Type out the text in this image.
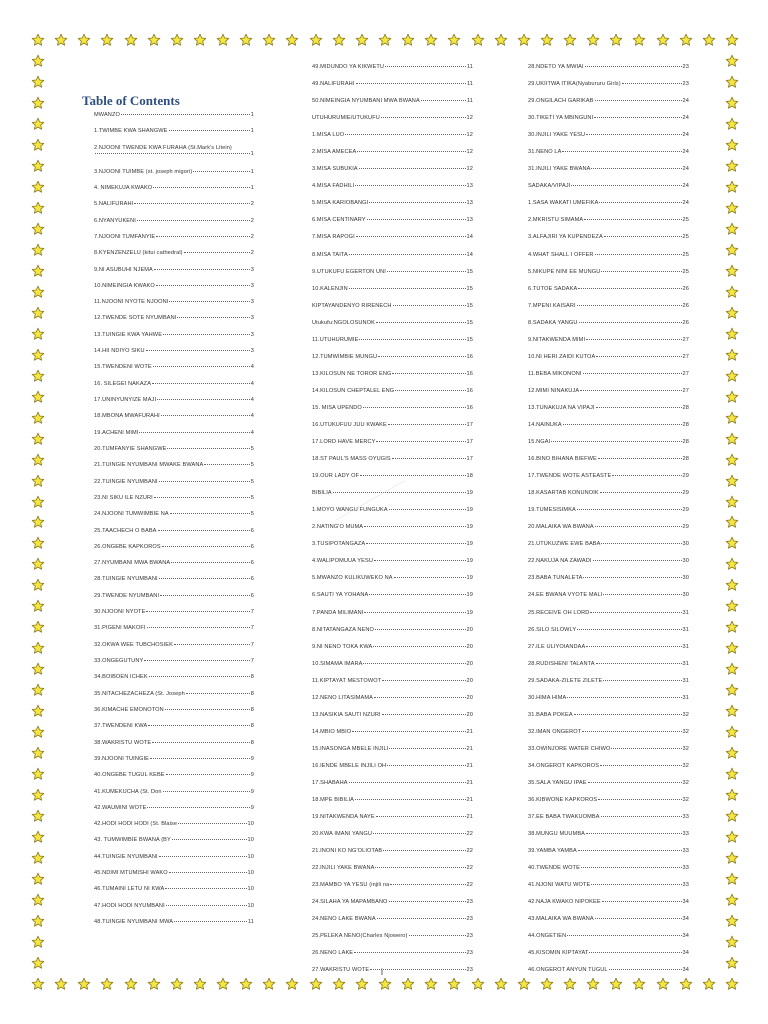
Table of Contents
MWANZO	1
1.TWIMBE KWA SHANGWE	1
2.NJOONI TWENDE KWA FURAHA (St.Mark's Litein)
1
3.NJOONI TUIMBE (st. joseph migori)	1
4. NIMEKUJA KWAKO	1
5.NALIFURAHI	2
6.NYANYUKENI	2
7.NJOONI TUMFANYIE	2
8.KYENZENZELU (kitui cathedral)	2
9.NI ASUBUHI NJEMA	3
10.NIMEINGIA KWAKO	3
11.NJOONI NYOTE NJOONI	3
12.TWENDE SOTE NYUMBANI	3
13.TUINGIE KWA YAHWE	3
14.HII NDIYO SIKU	3
15.TWENDENI WOTE	4
16. SILEGEI NAKAZA	4
17.UNINYUNYIZE MAJI	4
18.MBONA MWAFURAHI	4
19.ACHENI MIMI	4
20.TUMFANYIE SHANGWE	5
21.TUINGIE NYUMBANI MWAKE BWANA	5
22.TUINGIE NYUMBANI	5
23.NI SIKU ILE NZURI	5
24.NJOONI TUMWIMBIE NA	5
25.TAACHECH O BABA	6
26.ONGEBE KAPKOROS	6
27.NYUMBANI MWA BWANA	6
28.TUINGIE NYUMBANI	6
29.TWENDE NYUMBANI	6
30.NJOONI NYOTE	7
31.PIGENI MAKOFI	7
32.OKWA WEE TUBCHOSIEK	7
33.ONGEGUTUNY	7
34.BOIBOEN ICHEK	8
35.NITACHEZACHEZA (St. Joseph	8
36.KIMACHE EMONOTON	8
37.TWENDENI KWA	8
38.WAKRISTU WOTE	8
39.NJOONI TUINGIE	9
40.ONGEBE TUGUL KEBE	9
41.KUMEKUCHA (St. Don	9
42.WAUMINI WOTE	9
42.HODI HODI HODI (St. Blaise	10
43. TUMWIMBIE BWANA (BY	10
44.TUINGIE NYUMBANI	10
45.NDIMI MTUMISHI WAKO	10
46.TUMAINI LETU NI KWA	10
47.HODI HODI NYUMBANI	10
48.TUINGIE NYUMBANI MWA	11
49.MIDUNDO YA KIKWETU	11
49.NALIFURAHI	11
50.NIMEINGIA NYUMBANI MWA BWANA	11
UTUHURUMIE/UTUKUFU	12
1.MISA LUO	12
2.MISA AMECEA	12
3.MISA SUBUKIA	12
4.MISA FADHILI	13
5.MISA KARIOBANGI	13
6.MISA CENTINARY	13
7.MISA RAPOGI	14
8.MISA TAITA	14
9.UTUKUFU EGERTON UNI	15
10.KALENJIN	15
KIPTAYANDENYO RIRENECH	15
Utukufu:NGOLOSUNOK	15
11.UTUHURUMIE	15
12.TUMWIMBIE MUNGU	16
13.KILOSUN NE TOROR ENG	16
14.KILOSUN CHEPTALEL ENG	16
15. MISA UPENDO	16
16.UTUKUFUU JUU KWAKE	17
17.LORD HAVE MERCY	17
18.ST PAUL'S MASS OYUGIS	17
19.OUR LADY OF	18
BIBILIA	19
1.MOYO WANGU FUNGUKA	19
2.NATING'O MUMA	19
3.TUSIPOTANGAZA	19
4.WALIPOMUUA YESU	19
5.MWANZO KULIKUWEKO NA	19
6.SAUTI YA YOHANA	19
7.PANDA MILIMANI	19
8.NITATANGAZA NENO	20
9.NI NENO TOKA KWA	20
10.SIMAMA IMARA	20
11.KIPTAYAT MESTOWOT	20
12.NENO LITASIMAMA	20
13.NASIKIA SAUTI NZURI	20
14.MBIO MBIO	21
15.INASONGA MBELE INJILI	21
16.IENDE MBELE INJILI OH	21
17.SHABAHA	21
18.MPE BIBILIA	21
19.NITAKWENDA NAYE	21
20.KWA IMANI YANGU	22
21.INONI KO NG'OLIOTAB	22
22.INJILI YAKE BWANA	22
23.MAMBO YA YESU (injili na	22
24.SILAHA YA MAPAMBANO	23
24.NENO LAKE BWANA	23
25.PELEKA NENO(Charles Njowero)	23
26.NENO LAKE	23
27.WAKRISTU WOTE	23
28.NDETO YA MWIAI	23
29.UKIITWA ITIKA(Nyabururu Girls)	23
29.ONGILACH GARIKAB	24
30.TIKETI YA MBINGUNI	24
30.INJILI YAKE YESU	24
31.NENO LA	24
31.INJILI YAKE BWANA	24
SADAKA/VIPAJI	24
1.SASA WAKATI UMEFIKA	24
2.MKRISTU SIMAMA	25
3.ALFAJIRI YA KUPENDEZA	25
4.WHAT SHALL I OFFER	25
5.NIKUPE NINI EE MUNGU	25
6.TUTOE SADAKA	26
7.MPENI KAISARI	26
8.SADAKA YANGU	26
9.NITAKWENDA MIMI	27
10.NI HERI ZAIDI KUTOA	27
11.BEBA MIKONONI	27
12.MIMI NINAKUJA	27
13.TUNAKUJA NA VIPAJI	28
14.NAINUKA	28
15.NGAI	28
16.BINO BIHANA BIEFWE	28
17.TWENDE WOTE ASTEASTE	29
18.KASARTAB KONUNOIK	29
19.TUMESISIMKA	29
20.MALAIKA WA BWANA	29
21.UTUKUZWE EWE BABA	30
22.NAKUJA NA ZAWADI	30
23.BABA TUNALETA	30
24.EE BWANA VYOTE MALI	30
25.RECEIVE OH LORD	31
26.SILO SILOWLY	31
27.ILE ULIYOIANDAA	31
28.RUDISHENI TALANTA	31
29.SADAKA-ZILETE ZILETE	31
30.HIMA HIMA	31
31.BABA POKEA	32
32.IMAN ONGEROT	32
33.OWINJORE WATER CHIWO	32
34.ONGEROT KAPKOROS	32
35.SALA YANGU IPAE	32
36.KIBWONE KAPKOROS	32
37.EE BABA TWAKUOMBA	33
38.MUNGU MUUMBA	33
39.YAMBA YAMBA	33
40.TWENDE WOTE	33
41.NJONI WATU WOTE	33
42.NAJA KWAKO NIPOKEE	34
43.MALAIKA WA BWANA	34
44.ONGETIEN	34
45.KISOMIN KIPTAYAT	34
46.ONGEROT ANYUN TUGUL	34
i
